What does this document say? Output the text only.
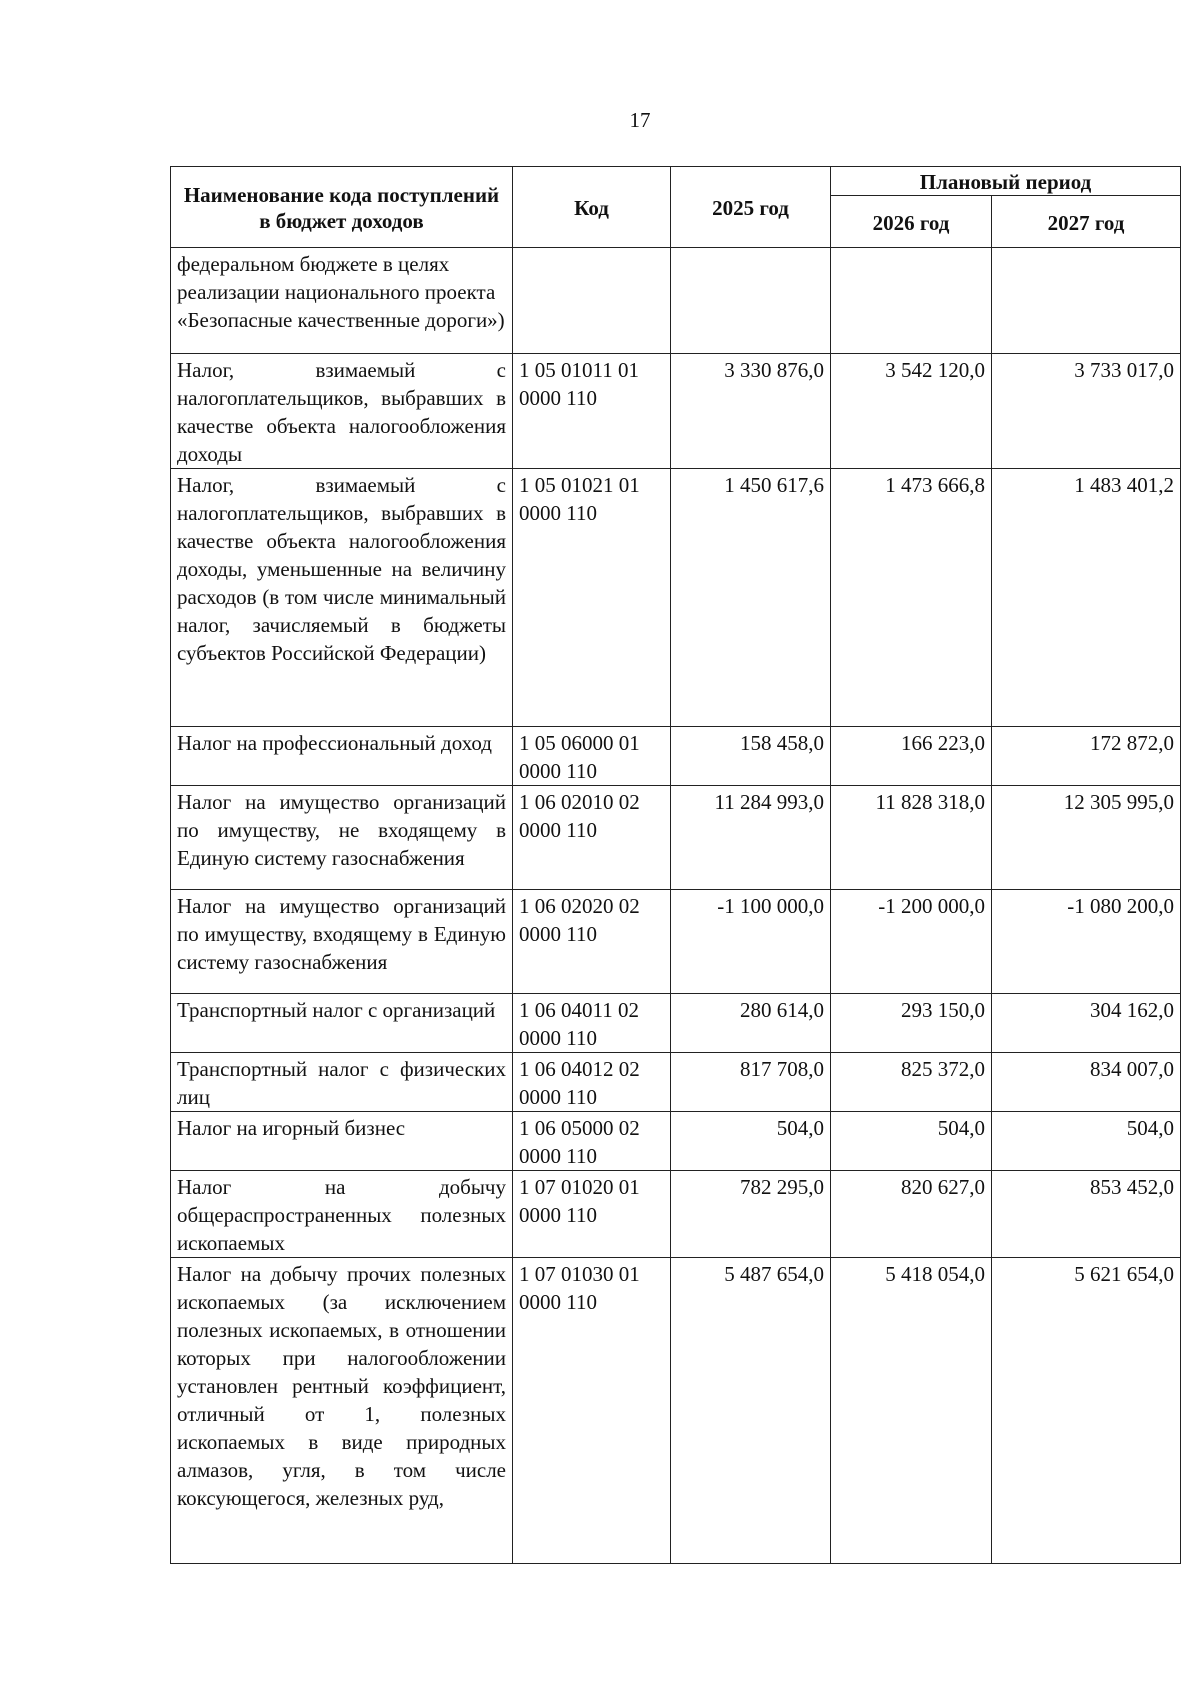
17
Наименование кода поступлений в бюджет доходов	Код	2025 год	Плановый период	
			2026 год	2027 год
федеральном бюджете в целях реализации национального проекта «Безопасные качественные дороги»)				
Налог, взимаемый с налогоплательщиков, выбравших в качестве объекта налогообложения доходы	1 05 01011 01 0000 110	3 330 876,0	3 542 120,0	3 733 017,0
Налог, взимаемый с налогоплательщиков, выбравших в качестве объекта налогообложения доходы, уменьшенные на величину расходов (в том числе минимальный налог, зачисляемый в бюджеты субъектов Российской Федерации)	1 05 01021 01 0000 110	1 450 617,6	1 473 666,8	1 483 401,2
Налог на профессиональный доход	1 05 06000 01 0000 110	158 458,0	166 223,0	172 872,0
Налог на имущество организаций по имуществу, не входящему в Единую систему газоснабжения	1 06 02010 02 0000 110	11 284 993,0	11 828 318,0	12 305 995,0
Налог на имущество организаций по имуществу, входящему в Единую систему газоснабжения	1 06 02020 02 0000 110	-1 100 000,0	-1 200 000,0	-1 080 200,0
Транспортный налог с организаций	1 06 04011 02 0000 110	280 614,0	293 150,0	304 162,0
Транспортный налог с физических лиц	1 06 04012 02 0000 110	817 708,0	825 372,0	834 007,0
Налог на игорный бизнес	1 06 05000 02 0000 110	504,0	504,0	504,0
Налог на добычу общераспространенных полезных ископаемых	1 07 01020 01 0000 110	782 295,0	820 627,0	853 452,0
Налог на добычу прочих полезных ископаемых (за исключением полезных ископаемых, в отношении которых при налогообложении установлен рентный коэффициент, отличный от 1, полезных ископаемых в виде природных алмазов, угля, в том числе коксующегося, железных руд,	1 07 01030 01 0000 110	5 487 654,0	5 418 054,0	5 621 654,0
